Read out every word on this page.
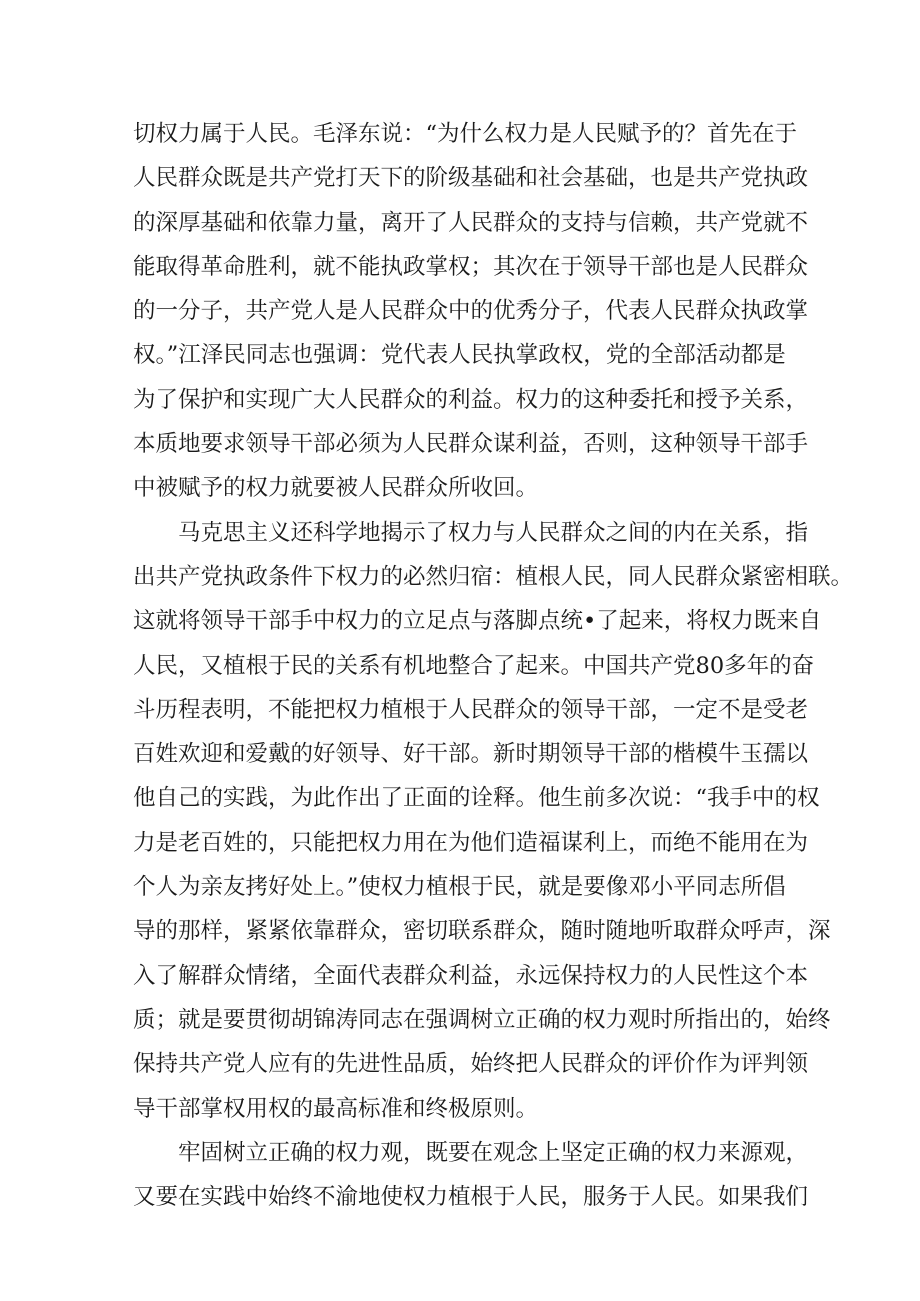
切权力属于人民。毛泽东说：“为什么权力是人民赋予的？首先在于
人民群众既是共产党打天下的阶级基础和社会基础，也是共产党执政
的深厚基础和依靠力量，离开了人民群众的支持与信赖，共产党就不
能取得革命胜利，就不能执政掌权；其次在于领导干部也是人民群众
的一分子，共产党人是人民群众中的优秀分子，代表人民群众执政掌
权。”江泽民同志也强调：党代表人民执掌政权，党的全部活动都是
为了保护和实现广大人民群众的利益。权力的这种委托和授予关系，
本质地要求领导干部必须为人民群众谋利益，否则，这种领导干部手
中被赋予的权力就要被人民群众所收回。
马克思主义还科学地揭示了权力与人民群众之间的内在关系，指
出共产党执政条件下权力的必然归宿：植根人民，同人民群众紧密相联。
这就将领导干部手中权力的立足点与落脚点统•了起来，将权力既来自
人民，又植根于民的关系有机地整合了起来。中国共产党80多年的奋
斗历程表明，不能把权力植根于人民群众的领导干部，一定不是受老
百姓欢迎和爱戴的好领导、好干部。新时期领导干部的楷模牛玉孺以
他自己的实践，为此作出了正面的诠释。他生前多次说：“我手中的权
力是老百姓的，只能把权力用在为他们造福谋利上，而绝不能用在为
个人为亲友拷好处上。”使权力植根于民，就是要像邓小平同志所倡
导的那样，紧紧依靠群众，密切联系群众，随时随地听取群众呼声，深
入了解群众情绪，全面代表群众利益，永远保持权力的人民性这个本
质；就是要贯彻胡锦涛同志在强调树立正确的权力观时所指出的，始终
保持共产党人应有的先进性品质，始终把人民群众的评价作为评判领
导干部掌权用权的最高标准和终极原则。
牢固树立正确的权力观，既要在观念上坚定正确的权力来源观，
又要在实践中始终不渝地使权力植根于人民，服务于人民。如果我们
